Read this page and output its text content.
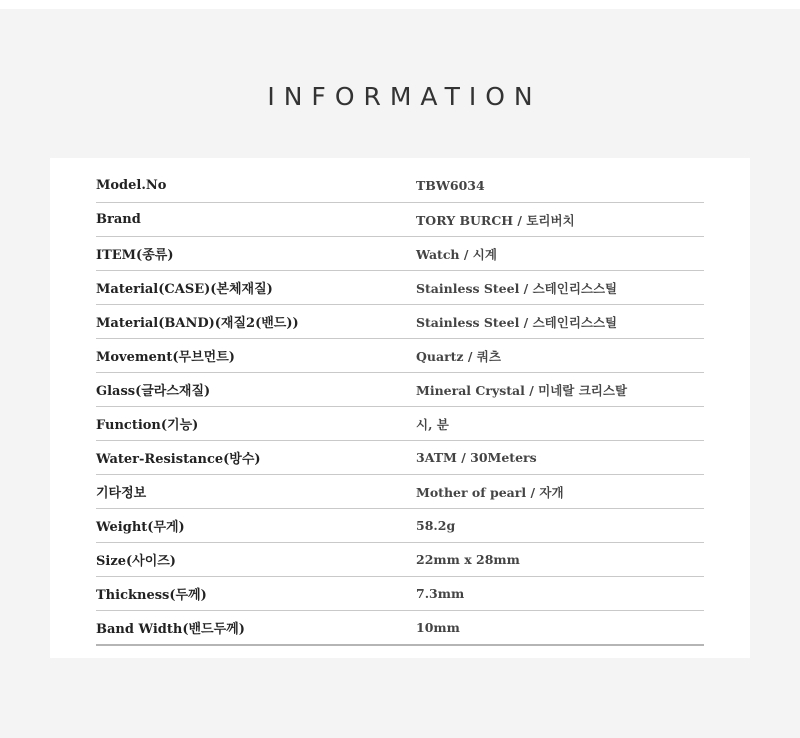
INFORMATION
Model.No	TBW6034
Brand	TORY BURCH / 토리버치
ITEM(종류)	Watch / 시계
Material(CASE)(본체재질)	Stainless Steel / 스테인리스스틸
Material(BAND)(재질2(밴드))	Stainless Steel / 스테인리스스틸
Movement(무브먼트)	Quartz / 쿼츠
Glass(글라스재질)	Mineral Crystal / 미네랄 크리스탈
Function(기능)	시, 분
Water-Resistance(방수)	3ATM / 30Meters
기타정보	Mother of pearl / 자개
Weight(무게)	58.2g
Size(사이즈)	22mm x 28mm
Thickness(두께)	7.3mm
Band Width(밴드두께)	10mm
